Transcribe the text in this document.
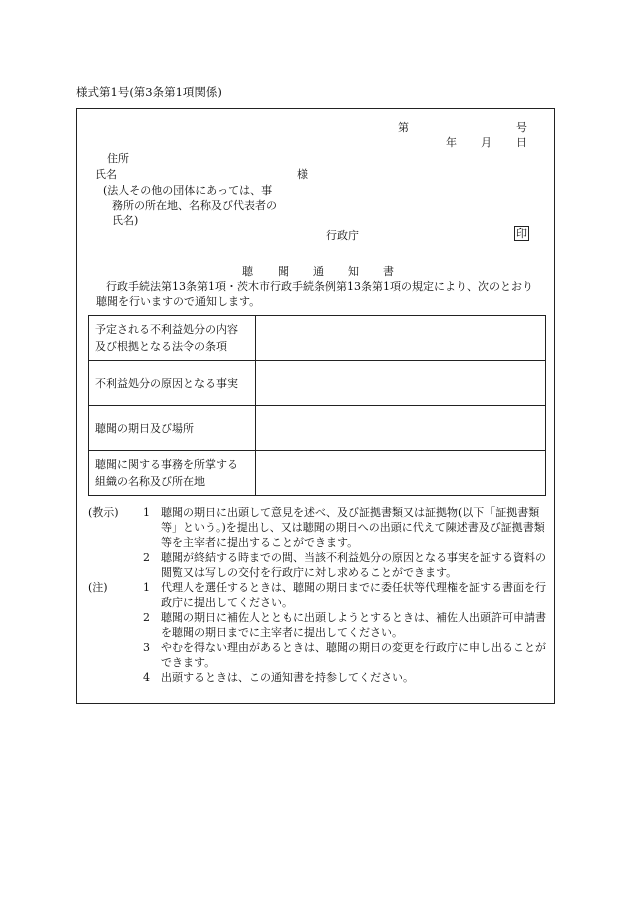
様式第1号(第3条第1項関係)
第	号
年 月 日
住所
氏名	様
(法人その他の団体にあっては、事
務所の所在地、名称及び代表者の
氏名)
行政庁	印
聴 聞 通 知 書
行政手続法第13条第1項・茨木市行政手続条例第13条第1項の規定により、次のとおり
聴聞を行いますので通知します。
予定される不利益処分の内容
及び根拠となる法令の条項	

不利益処分の原因となる事実	

聴聞の期日及び場所	

聴聞に関する事務を所掌する
組織の名称及び所在地	

(教示)	1	聴聞の期日に出頭して意見を述べ、及び証拠書類又は証拠物(以下「証拠書類等」という。)を提出し、又は聴聞の期日への出頭に代えて陳述書及び証拠書類等を主宰者に提出することができます。
2	聴聞が終結する時までの間、当該不利益処分の原因となる事実を証する資料の閲覧又は写しの交付を行政庁に対し求めることができます。
(注)	1	代理人を選任するときは、聴聞の期日までに委任状等代理権を証する書面を行政庁に提出してください。
2	聴聞の期日に補佐人とともに出頭しようとするときは、補佐人出頭許可申請書を聴聞の期日までに主宰者に提出してください。
3	やむを得ない理由があるときは、聴聞の期日の変更を行政庁に申し出ることができます。
4	出頭するときは、この通知書を持参してください。
